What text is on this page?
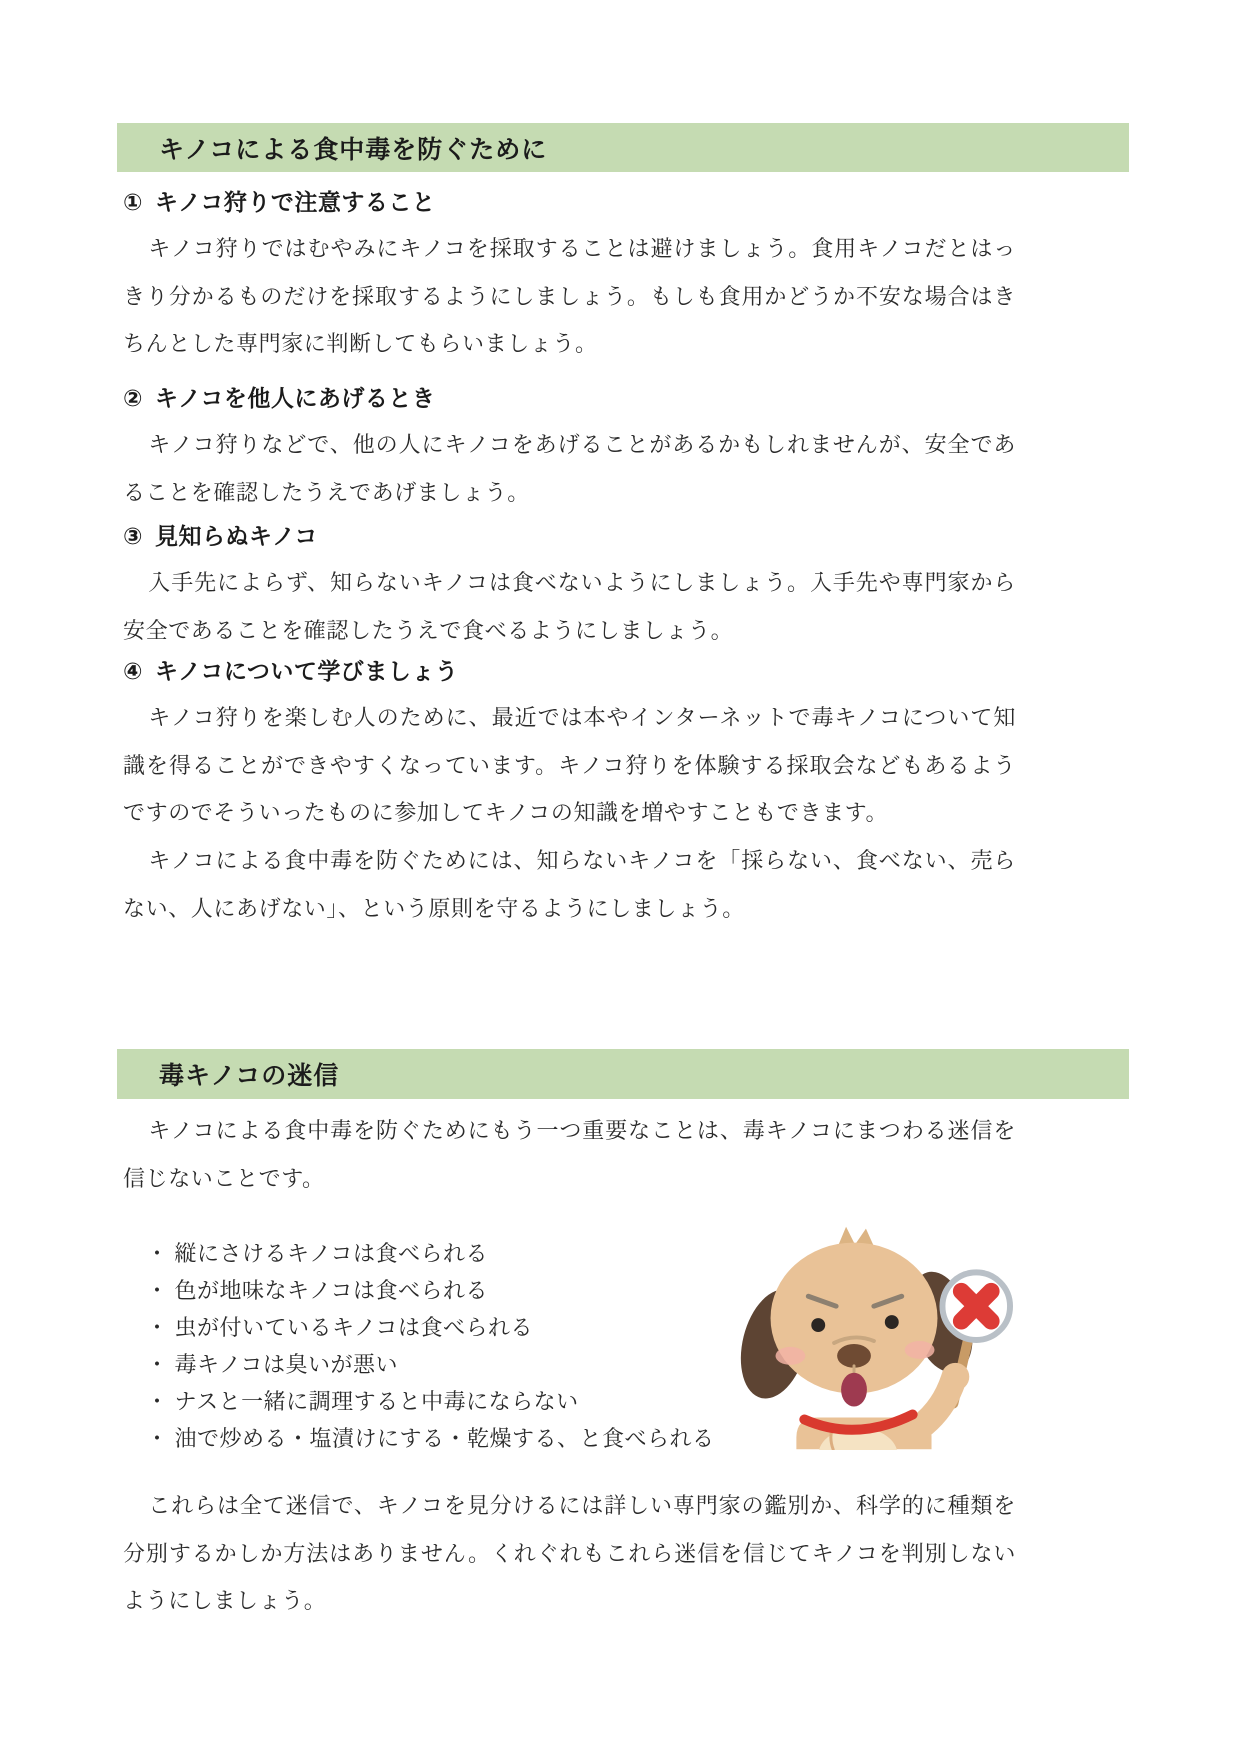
キノコによる食中毒を防ぐために
① キノコ狩りで注意すること

キノコ狩りではむやみにキノコを採取することは避けましょう。食用キノコだとはっきり分かるものだけを採取するようにしましょう。もしも食用かどうか不安な場合はきちんとした専門家に判断してもらいましょう。

② キノコを他人にあげるとき

キノコ狩りなどで、他の人にキノコをあげることがあるかもしれませんが、安全であることを確認したうえであげましょう。

③ 見知らぬキノコ

入手先によらず、知らないキノコは食べないようにしましょう。入手先や専門家から安全であることを確認したうえで食べるようにしましょう。

④ キノコについて学びましょう

キノコ狩りを楽しむ人のために、最近では本やインターネットで毒キノコについて知識を得ることができやすくなっています。キノコ狩りを体験する採取会などもあるようですのでそういったものに参加してキノコの知識を増やすこともできます。

キノコによる食中毒を防ぐためには、知らないキノコを「採らない、食べない、売らない、人にあげない」、という原則を守るようにしましょう。

毒キノコの迷信

キノコによる食中毒を防ぐためにもう一つ重要なことは、毒キノコにまつわる迷信を信じないことです。

・ 縦にさけるキノコは食べられる
・ 色が地味なキノコは食べられる
・ 虫が付いているキノコは食べられる
・ 毒キノコは臭いが悪い
・ ナスと一緒に調理すると中毒にならない
・ 油で炒める・塩漬けにする・乾燥する、と食べられる

これらは全て迷信で、キノコを見分けるには詳しい専門家の鑑別か、科学的に種類を分別するかしか方法はありません。くれぐれもこれら迷信を信じてキノコを判別しないようにしましょう。
